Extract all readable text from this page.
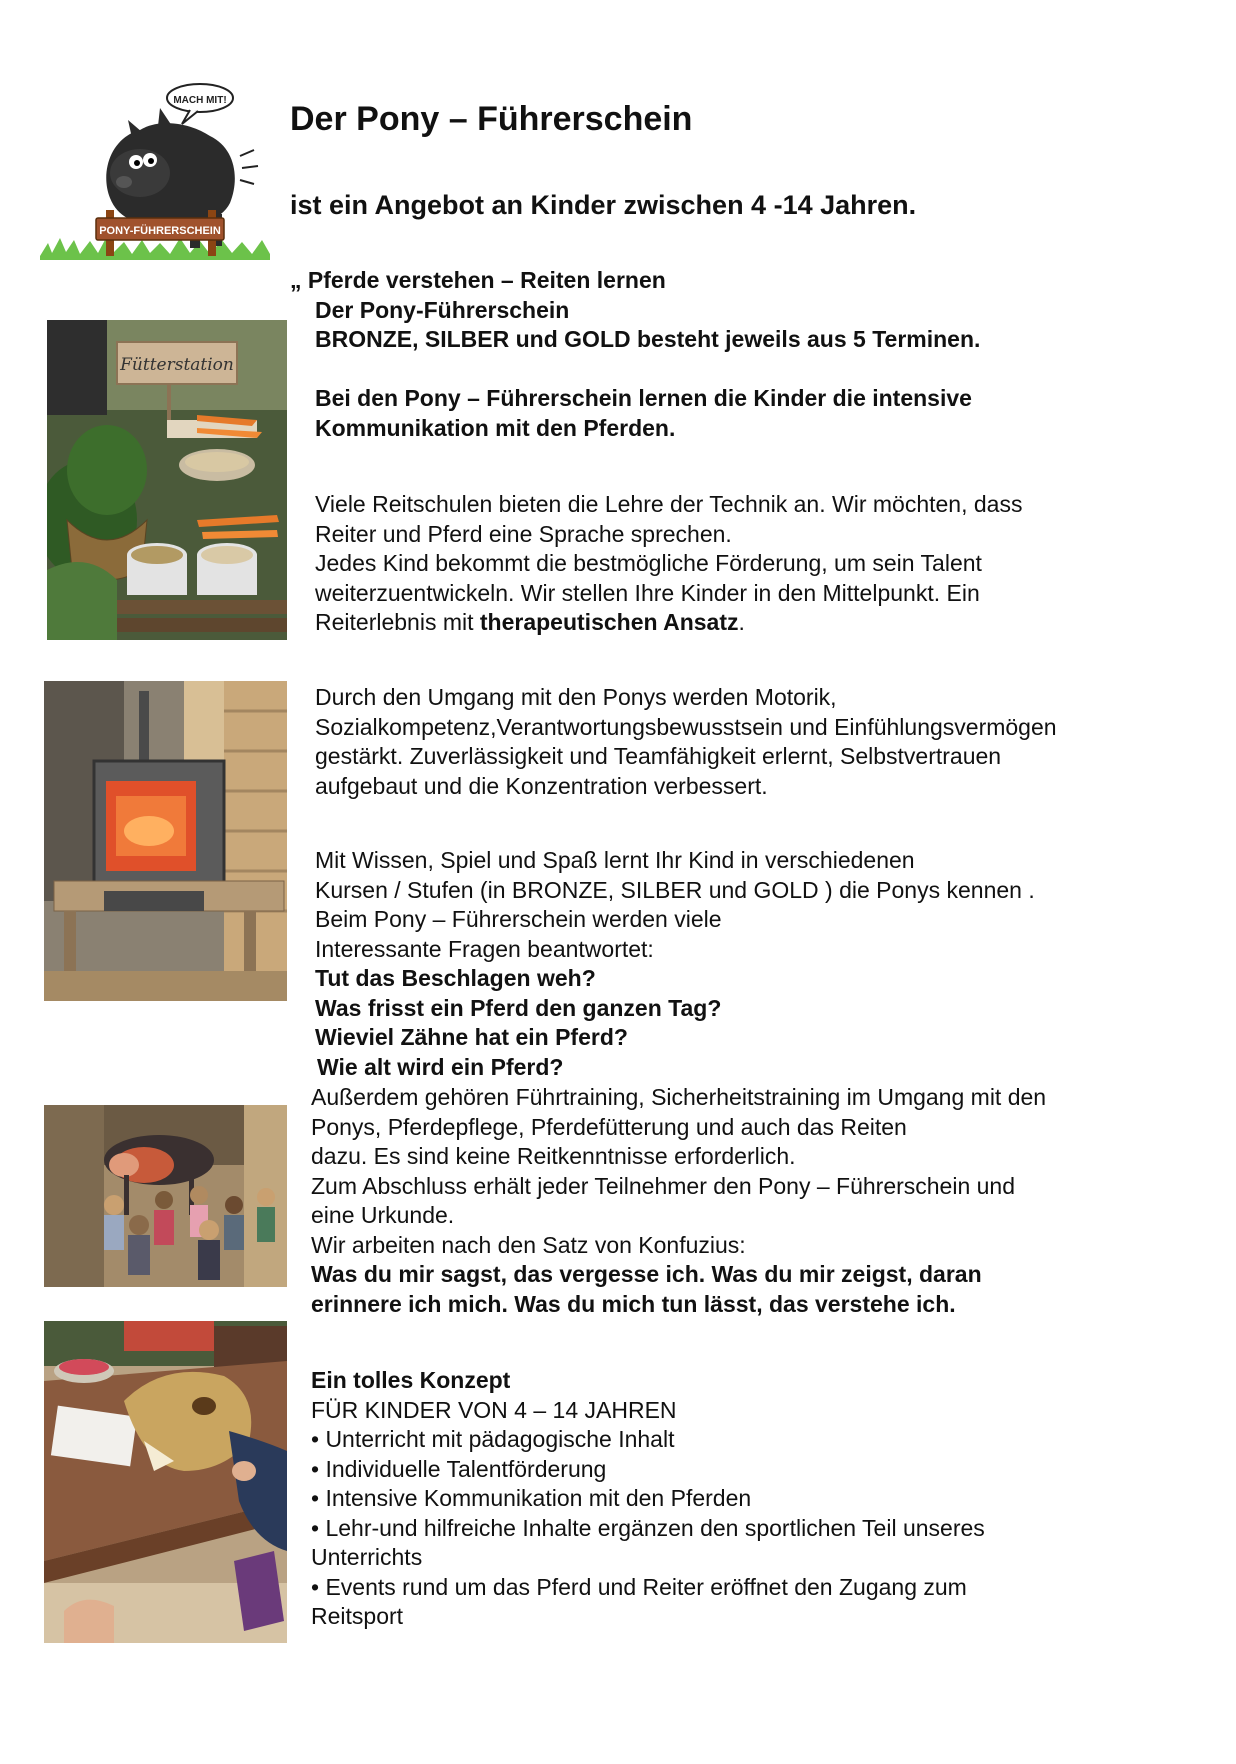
MACH MIT!
PONY-FÜHRERSCHEIN
Der Pony – Führerschein
ist ein Angebot an Kinder zwischen 4 -14 Jahren.
„ Pferde verstehen – Reiten lernen
Der Pony-Führerschein
BRONZE, SILBER und GOLD besteht jeweils aus 5 Terminen.
Bei den Pony – Führerschein lernen die Kinder die intensive
Kommunikation mit den Pferden.
Viele Reitschulen bieten die Lehre der Technik an. Wir möchten, dass
Reiter und Pferd eine Sprache sprechen.
Jedes Kind bekommt die bestmögliche Förderung, um sein Talent
weiterzuentwickeln. Wir stellen Ihre Kinder in den Mittelpunkt. Ein
Reiterlebnis mit therapeutischen Ansatz.
Durch den Umgang mit den Ponys werden Motorik,
Sozialkompetenz,Verantwortungsbewusstsein und Einfühlungsvermögen
gestärkt. Zuverlässigkeit und Teamfähigkeit erlernt, Selbstvertrauen
aufgebaut und die Konzentration verbessert.
Mit Wissen, Spiel und Spaß lernt Ihr Kind in verschiedenen
Kursen / Stufen (in BRONZE, SILBER und GOLD ) die Ponys kennen .
Beim Pony – Führerschein werden viele
Interessante Fragen beantwortet:
Tut das Beschlagen weh?
Was frisst ein Pferd den ganzen Tag?
Wieviel Zähne hat ein Pferd?
Wie alt wird ein Pferd?
Außerdem gehören Führtraining, Sicherheitstraining im Umgang mit den
Ponys, Pferdepflege, Pferdefütterung und auch das Reiten
dazu. Es sind keine Reitkenntnisse erforderlich.
Zum Abschluss erhält jeder Teilnehmer den Pony – Führerschein und
eine Urkunde.
Wir arbeiten nach den Satz von Konfuzius:
Was du mir sagst, das vergesse ich. Was du mir zeigst, daran
erinnere ich mich. Was du mich tun lässt, das verstehe ich.
Ein tolles Konzept
FÜR KINDER VON 4 – 14 JAHREN
• Unterricht mit pädagogische Inhalt
• Individuelle Talentförderung
• Intensive Kommunikation mit den Pferden
• Lehr-und hilfreiche Inhalte ergänzen den sportlichen Teil unseres
Unterrichts
• Events rund um das Pferd und Reiter eröffnet den Zugang zum
Reitsport
Fütterstation
